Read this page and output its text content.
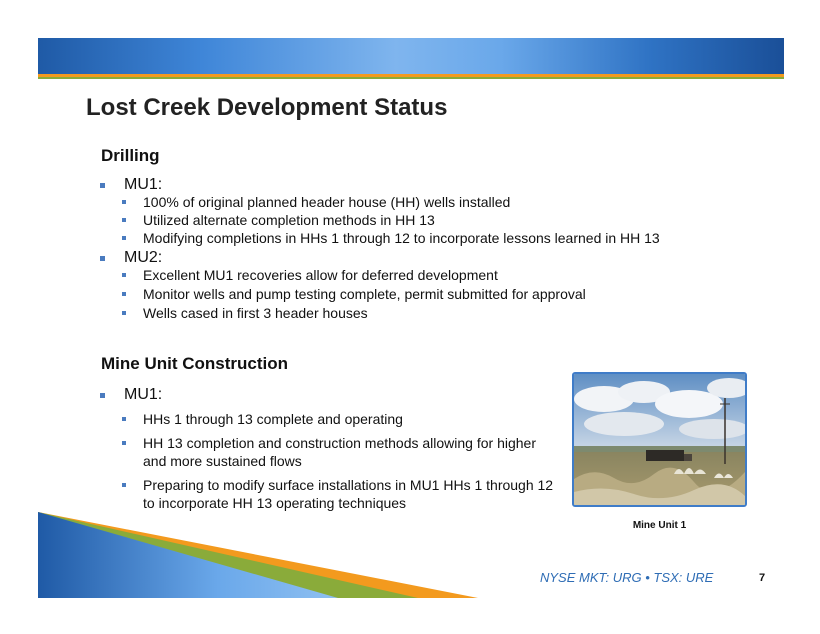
Lost Creek Development Status
Drilling
MU1:
100% of original planned header house (HH) wells installed
Utilized alternate completion methods in HH 13
Modifying completions in HHs 1 through 12 to incorporate lessons learned in HH 13
MU2:
Excellent MU1 recoveries allow for deferred development
Monitor wells and pump testing complete, permit submitted for approval
Wells cased in first 3 header houses
Mine Unit Construction
MU1:
HHs 1 through 13 complete and operating
HH 13 completion and construction methods allowing for higher and more sustained flows
Preparing to modify surface installations in MU1 HHs 1 through 12 to incorporate HH 13 operating techniques
Mine Unit 1
NYSE MKT: URG • TSX: URE	7
